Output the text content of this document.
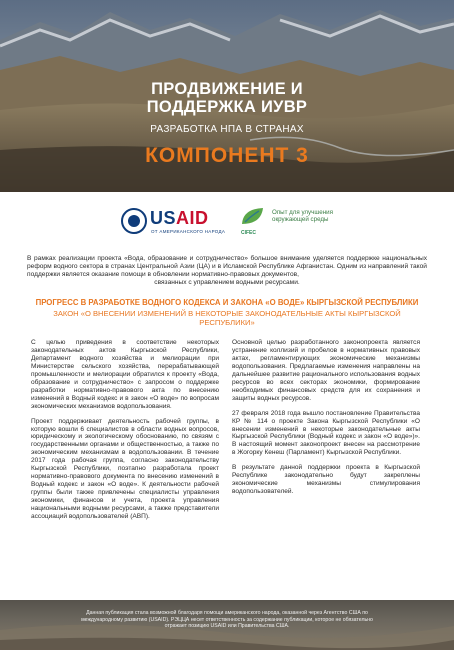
ПРОДВИЖЕНИЕ И
ПОДДЕРЖКА ИУВР
РАЗРАБОТКА НПА В СТРАНАХ
КОМПОНЕНТ 3
USAID
ОТ АМЕРИКАНСКОГО НАРОДА	CIFEC
Опыт для улучшения окружающей среды
В рамках реализации проекта «Вода, образование и сотрудничество» большое внимание уделяется поддержке национальных реформ водного сектора в странах Центральной Азии (ЦА) и в Исламской Республике Афганистан. Одним из направлений такой поддержки является оказание помощи в обновлении нормативно-правовых документов,
связанных с управлением водными ресурсами.
ПРОГРЕСС В РАЗРАБОТКЕ ВОДНОГО КОДЕКСА И ЗАКОНА «О ВОДЕ» КЫРГЫЗСКОЙ РЕСПУБЛИКИ
ЗАКОН «О ВНЕСЕНИИ ИЗМЕНЕНИЙ В НЕКОТОРЫЕ ЗАКОНОДАТЕЛЬНЫЕ АКТЫ КЫРГЫЗСКОЙ РЕСПУБЛИКИ»

С целью приведения в соответствие некоторых законодательных актов Кыргызской Республики, Департамент водного хозяйства и мелиорации при Министерстве сельского хозяйства, перерабатывающей промышленности и мелиорации обратился к проекту «Вода, образование и сотрудничество» с запросом о поддержке разработки нормативно-правового акта по внесению изменений в Водный кодекс и в закон «О воде» по вопросам экономических механизмов водопользования.

Проект поддерживает деятельность рабочей группы, в которую вошли 6 специалистов в области водных вопросов, юридическому и экологическому обоснованию, по связям с государственными органами и общественностью, а также по экономическим механизмам в водопользовании. В течение 2017 года рабочая группа, согласно законодательству Кыргызской Республики, поэтапно разработала проект нормативно-правового документа по внесению изменений в Водный кодекс и закон «О воде». К деятельности рабочей группы были также привлечены специалисты управления экономики, финансов и учета, проекта управления национальными водными ресурсами, а также представители ассоциаций водопользователей (АВП).

Основной целью разработанного законопроекта является устранение коллизий и пробелов в нормативных правовых актах, регламентирующих экономические механизмы водопользования. Предлагаемые изменения направлены на дальнейшее развитие рационального использования водных ресурсов во всех секторах экономики, формирование необходимых финансовых средств для их сохранения и защиты водных ресурсов.

27 февраля 2018 года вышло постановление Правительства КР № 114 о проекте Закона Кыргызской Республики «О внесении изменений в некоторые законодательные акты Кыргызской Республики (Водный кодекс и закон «О воде»)». В настоящий момент законопроект внесен на рассмотрение в Жогорку Кенеш (Парламент) Кыргызской Республики.

В результате данной поддержки проекта в Кыргызской Республике законодательно будут закреплены экономические механизмы стимулирования водопользователей.

Данная публикация стала возможной благодаря помощи американского народа, оказанной через Агентство США по международному развитию (USAID). РЭЦЦА несет ответственность за содержание публикации, которое не обязательно отражает позицию USAID или Правительства США.
